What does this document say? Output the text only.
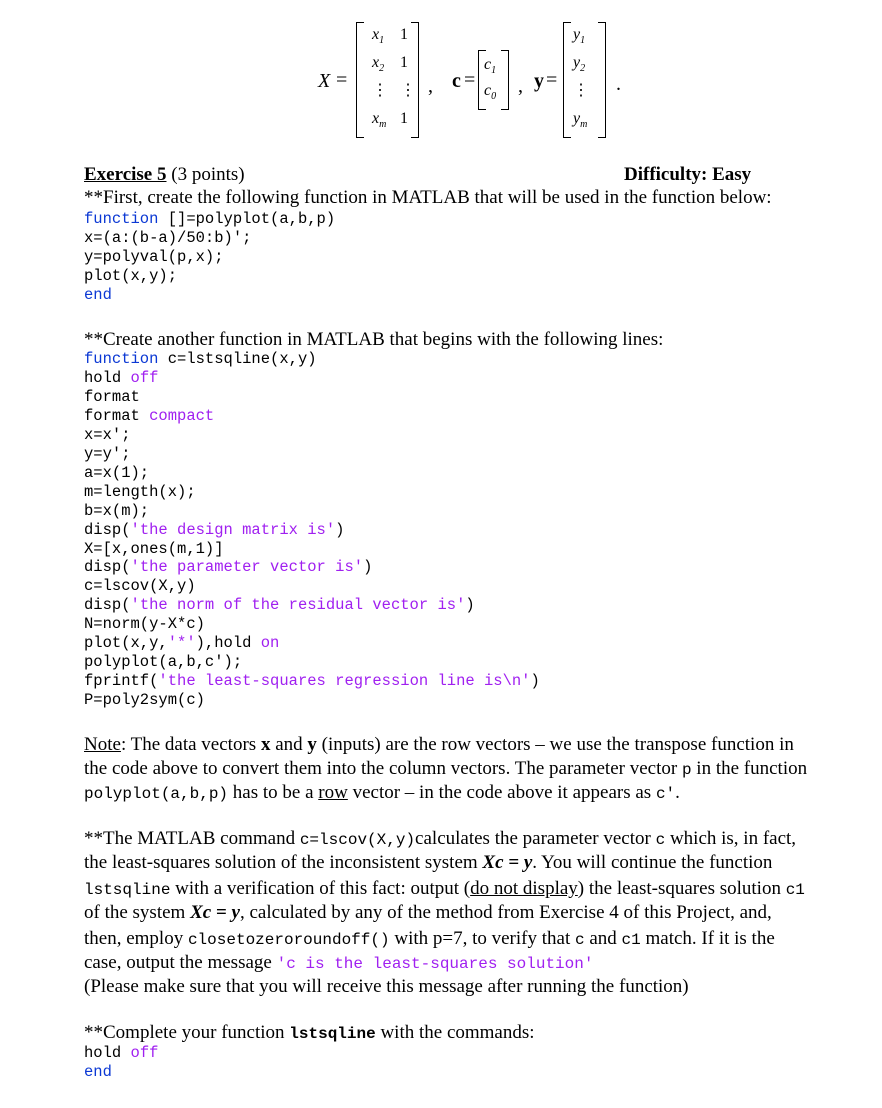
X =
$x_1$ 1
$x_2$ 1
⋮ ⋮
$x_m$ 1
, c =
$c_1$
$c_0$ , y =
$y_1$
$y_2$
⋮
$y_m$
.
Exercise 5 (3 points)	Difficulty: Easy
**First, create the following function in MATLAB that will be used in the function below:
function []=polyplot(a,b,p)
x=(a:(b-a)/50:b)';
y=polyval(p,x);
plot(x,y);
end
**Create another function in MATLAB that begins with the following lines:
function c=lstsqline(x,y)
hold off
format
format compact
x=x';
y=y';
a=x(1);
m=length(x);
b=x(m);
disp('the design matrix is')
X=[x,ones(m,1)]
disp('the parameter vector is')
c=lscov(X,y)
disp('the norm of the residual vector is')
N=norm(y-X*c)
plot(x,y,'*'),hold on
polyplot(a,b,c');
fprintf('the least-squares regression line is\n')
P=poly2sym(c)
Note: The data vectors x and y (inputs) are the row vectors – we use the transpose function in
the code above to convert them into the column vectors. The parameter vector p in the function
polyplot(a,b,p) has to be a row vector – in the code above it appears as c'.
**The MATLAB command c=lscov(X,y)calculates the parameter vector c which is, in fact,
the least-squares solution of the inconsistent system Xc = y. You will continue the function
lstsqline with a verification of this fact: output (do not display) the least-squares solution c1
of the system Xc = y, calculated by any of the method from Exercise 4 of this Project, and,
then, employ closetozeroroundoff() with p=7, to verify that c and c1 match. If it is the
case, output the message 'c is the least-squares solution'
(Please make sure that you will receive this message after running the function)
**Complete your function lstsqline with the commands:
hold off
end
